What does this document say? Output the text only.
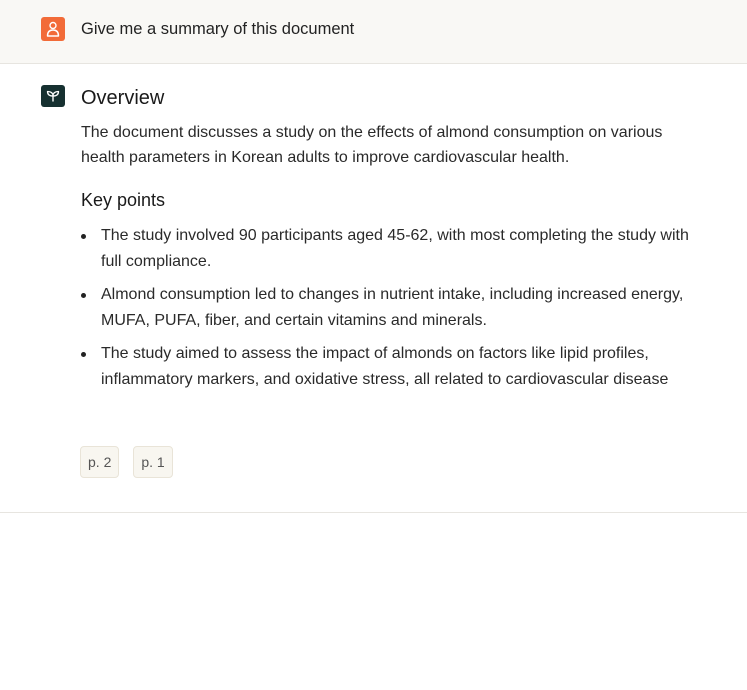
Give me a summary of this document
Overview

The document discusses a study on the effects of almond consumption on various health parameters in Korean adults to improve cardiovascular health.

Key points
The study involved 90 participants aged 45-62, with most completing the study with full compliance.
Almond consumption led to changes in nutrient intake, including increased energy, MUFA, PUFA, fiber, and certain vitamins and minerals.
The study aimed to assess the impact of almonds on factors like lipid profiles, inflammatory markers, and oxidative stress, all related to cardiovascular disease
p. 2	p. 1
